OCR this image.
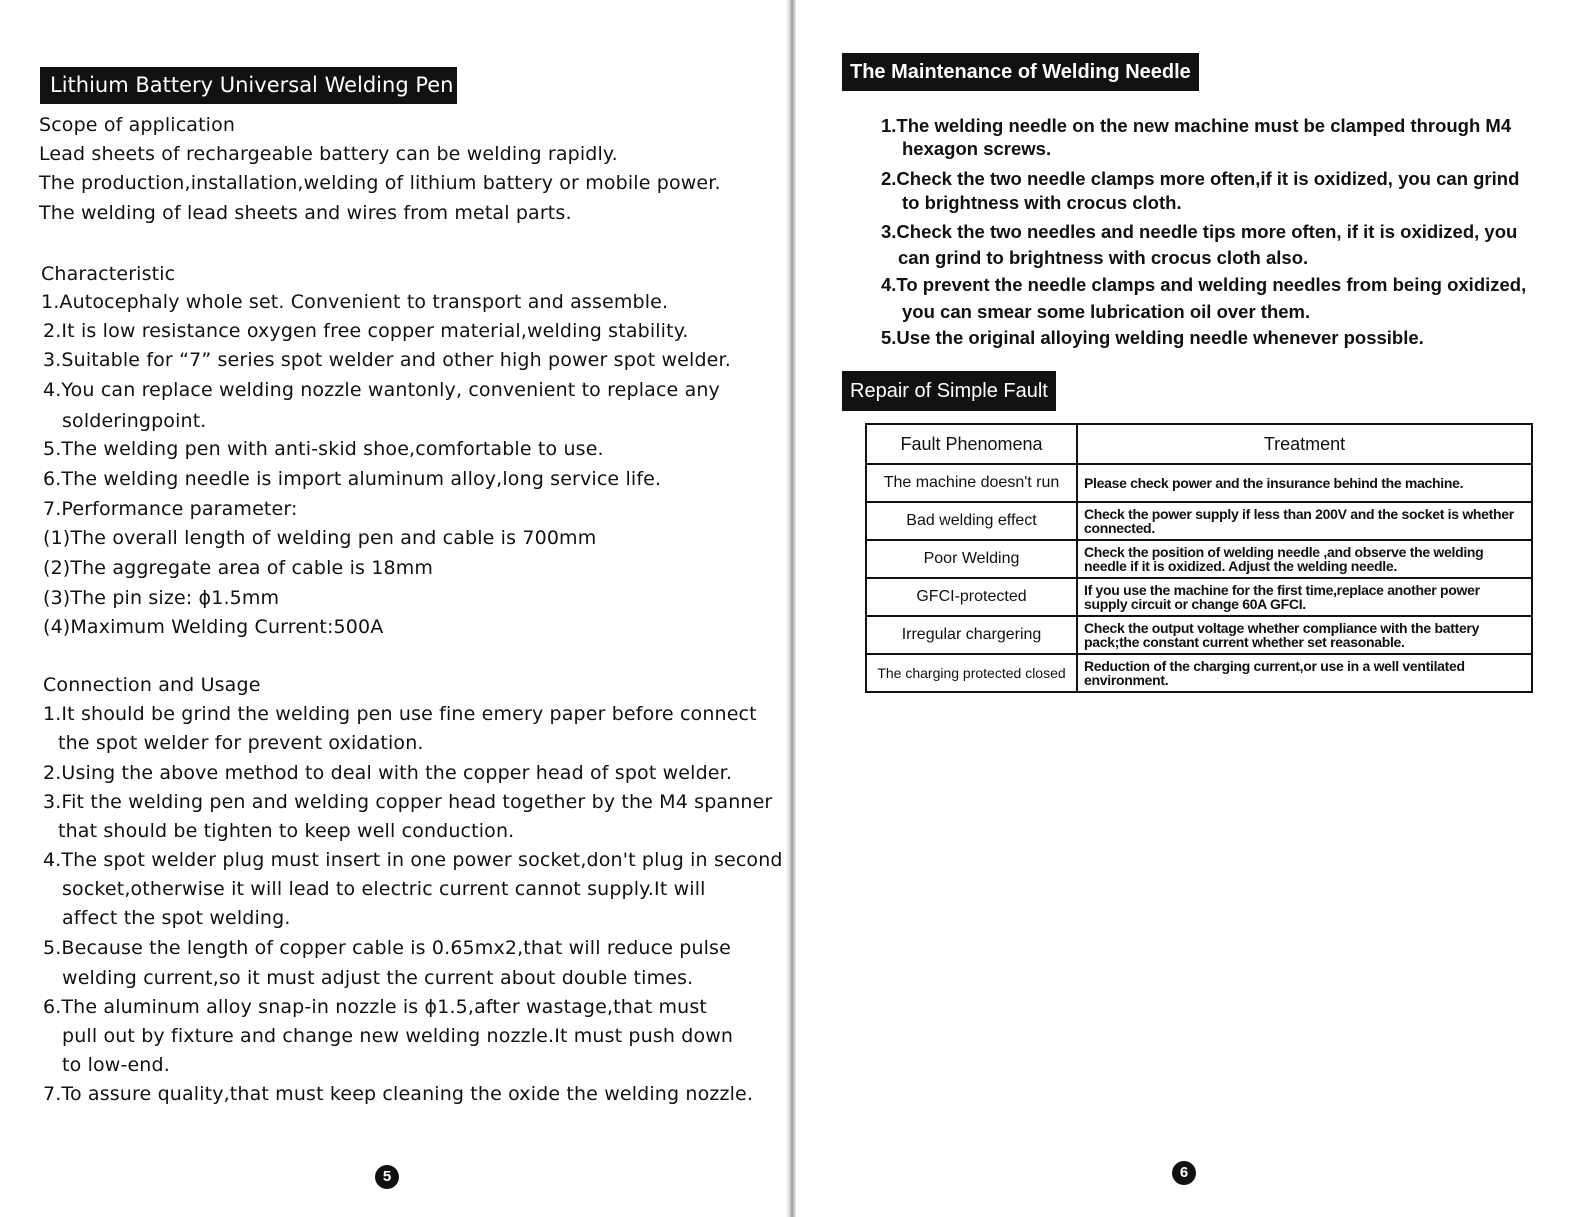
Lithium Battery Universal Welding Pen
Scope of application
Lead sheets of rechargeable battery can be welding rapidly.
The production,installation,welding of lithium battery or mobile power.
The welding of lead sheets and wires from metal parts.
Characteristic
1.Autocephaly whole set. Convenient to transport and assemble.
2.It is low resistance oxygen free copper material,welding stability.
3.Suitable for “7” series spot welder and other high power spot welder.
4.You can replace welding nozzle wantonly, convenient to replace any
solderingpoint.
5.The welding pen with anti-skid shoe,comfortable to use.
6.The welding needle is import aluminum alloy,long service life.
7.Performance parameter:
(1)The overall length of welding pen and cable is 700mm
(2)The aggregate area of cable is 18mm
(3)The pin size: ϕ1.5mm
(4)Maximum Welding Current:500A
Connection and Usage
1.It should be grind the welding pen use fine emery paper before connect
the spot welder for prevent oxidation.
2.Using the above method to deal with the copper head of spot welder.
3.Fit the welding pen and welding copper head together by the M4 spanner
that should be tighten to keep well conduction.
4.The spot welder plug must insert in one power socket,don't plug in second
socket,otherwise it will lead to electric current cannot supply.It will
affect the spot welding.
5.Because the length of copper cable is 0.65mx2,that will reduce pulse
welding current,so it must adjust the current about double times.
6.The aluminum alloy snap-in nozzle is ϕ1.5,after wastage,that must
pull out by fixture and change new welding nozzle.It must push down
to low-end.
7.To assure quality,that must keep cleaning the oxide the welding nozzle.
5
The Maintenance of Welding Needle
1.The welding needle on the new machine must be clamped through M4
hexagon screws.
2.Check the two needle clamps more often,if it is oxidized, you can grind
to brightness with crocus cloth.
3.Check the two needles and needle tips more often, if it is oxidized, you
can grind to brightness with crocus cloth also.
4.To prevent the needle clamps and welding needles from being oxidized,
you can smear some lubrication oil over them.
5.Use the original alloying welding needle whenever possible.
Repair of Simple Fault
6
Fault Phenomena	Treatment
The machine doesn't run	Please check power and the insurance behind the machine.
Bad welding effect	Check the power supply if less than 200V and the socket is whether connected.
Poor Welding	Check the position of welding needle ,and observe the welding needle if it is oxidized. Adjust the welding needle.
GFCI-protected	If you use the machine for the first time,replace another power supply circuit or change 60A GFCI.
Irregular chargering	Check the output voltage whether compliance with the battery pack;the constant current whether set reasonable.
The charging protected closed	Reduction of the charging current,or use in a well ventilated environment.
